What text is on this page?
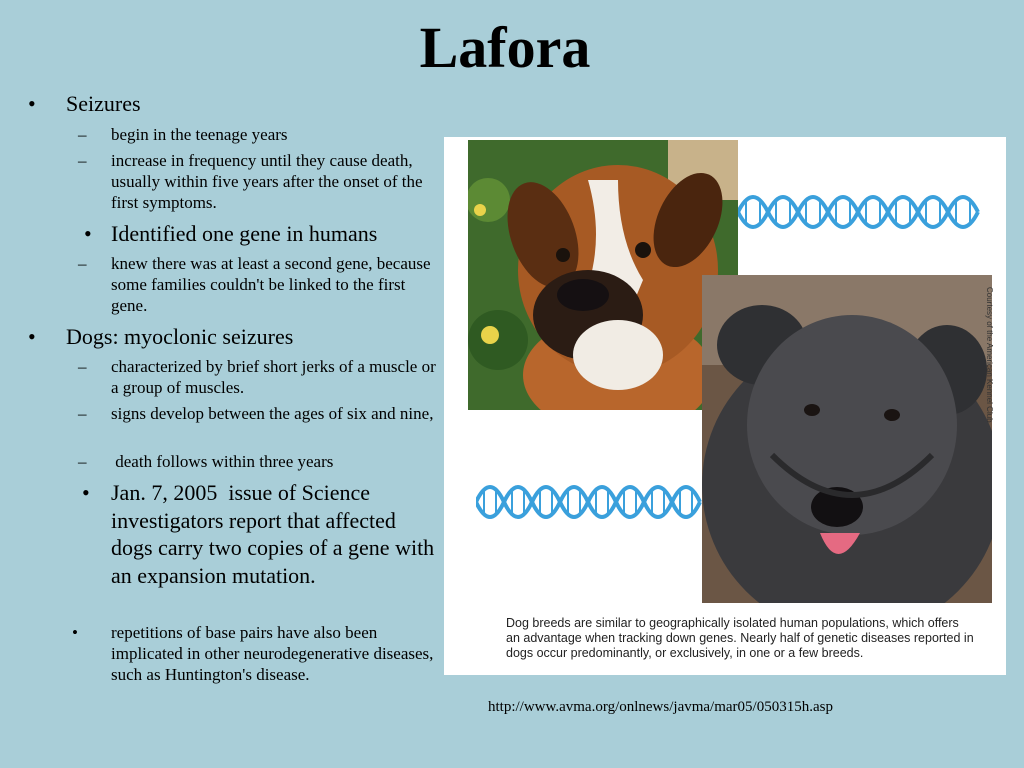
Lafora
• Seizures
– begin in the teenage years
– increase in frequency until they cause death, usually within five years after the onset of the first symptoms.
• Identified one gene in humans
– knew there was at least a second gene, because some families couldn't be linked to the first gene.
• Dogs: myoclonic seizures
– characterized by brief short jerks of a muscle or a group of muscles.
– signs develop between the ages of six and nine,
– death follows within three years
• Jan. 7, 2005  issue of Science investigators report that affected dogs carry two copies of a gene with an expansion mutation.
• repetitions of base pairs have also been implicated in other neurodegenerative diseases, such as Huntington's disease.
Courtesy of the American Kennel Club
Dog breeds are similar to geographically isolated human populations, which offers an advantage when tracking down genes. Nearly half of genetic diseases reported in dogs occur predominantly, or exclusively, in one or a few breeds.
http://www.avma.org/onlnews/javma/mar05/050315h.asp
